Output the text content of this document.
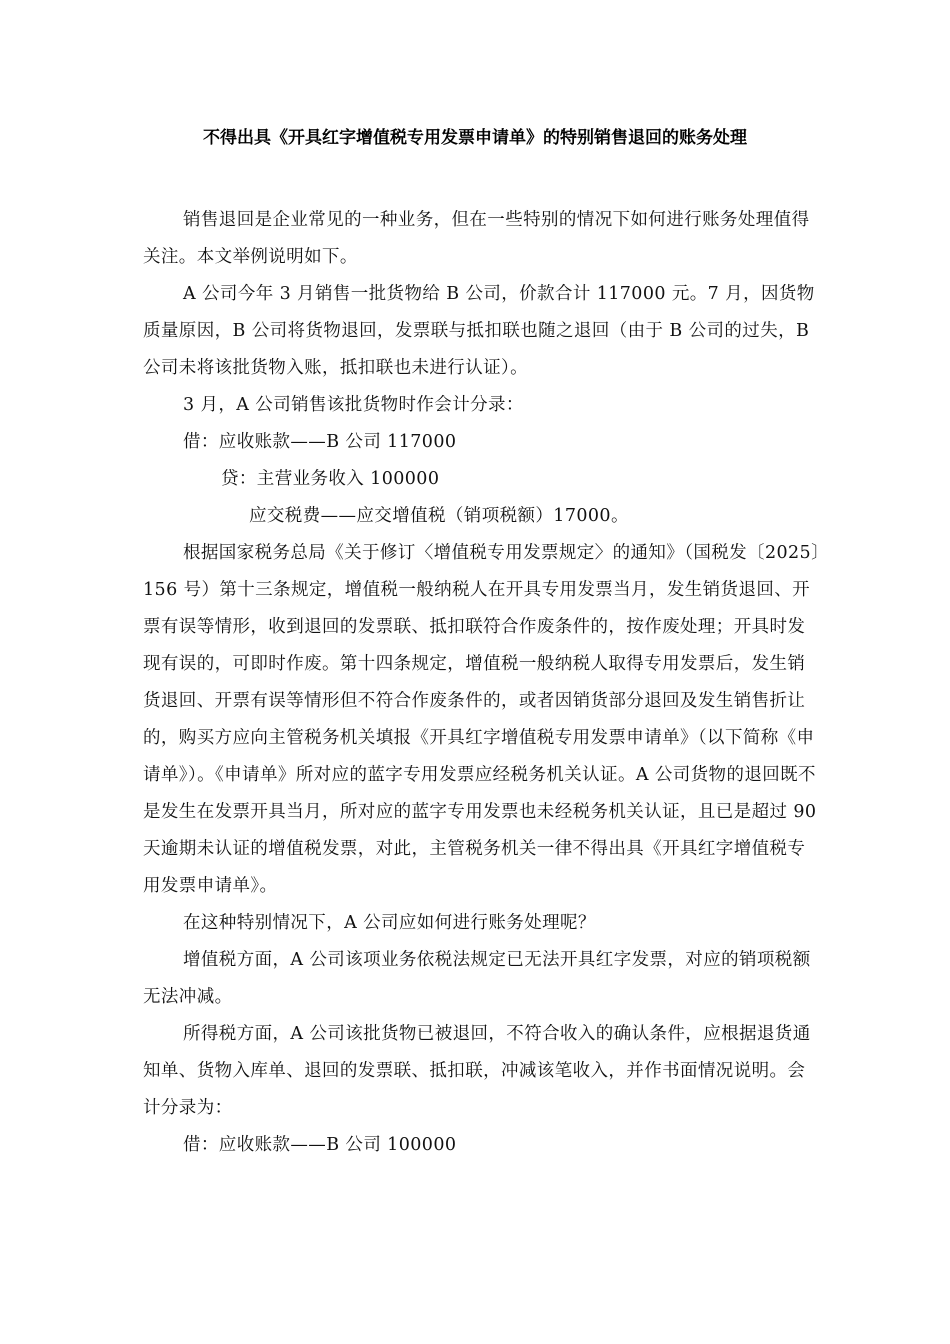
不得出具《开具红字增值税专用发票申请单》的特别销售退回的账务处理

销售退回是企业常见的一种业务，但在一些特别的情况下如何进行账务处理值得关注。本文举例说明如下。

A 公司今年 3 月销售一批货物给 B 公司，价款合计 117000 元。7 月，因货物质量原因，B 公司将货物退回，发票联与抵扣联也随之退回（由于 B 公司的过失，B 公司未将该批货物入账，抵扣联也未进行认证）。

3 月，A 公司销售该批货物时作会计分录：

借：应收账款——B 公司 117000

贷：主营业务收入 100000

应交税费——应交增值税（销项税额）17000。

根据国家税务总局《关于修订〈增值税专用发票规定〉的通知》（国税发〔2025〕156 号）第十三条规定，增值税一般纳税人在开具专用发票当月，发生销货退回、开票有误等情形，收到退回的发票联、抵扣联符合作废条件的，按作废处理；开具时发现有误的，可即时作废。第十四条规定，增值税一般纳税人取得专用发票后，发生销货退回、开票有误等情形但不符合作废条件的，或者因销货部分退回及发生销售折让的，购买方应向主管税务机关填报《开具红字增值税专用发票申请单》（以下简称《申请单》）。《申请单》所对应的蓝字专用发票应经税务机关认证。A 公司货物的退回既不是发生在发票开具当月，所对应的蓝字专用发票也未经税务机关认证，且已是超过 90 天逾期未认证的增值税发票，对此，主管税务机关一律不得出具《开具红字增值税专用发票申请单》。

在这种特别情况下，A 公司应如何进行账务处理呢？

增值税方面，A 公司该项业务依税法规定已无法开具红字发票，对应的销项税额无法冲减。

所得税方面，A 公司该批货物已被退回，不符合收入的确认条件，应根据退货通知单、货物入库单、退回的发票联、抵扣联，冲减该笔收入，并作书面情况说明。会计分录为：

借：应收账款——B 公司 100000
